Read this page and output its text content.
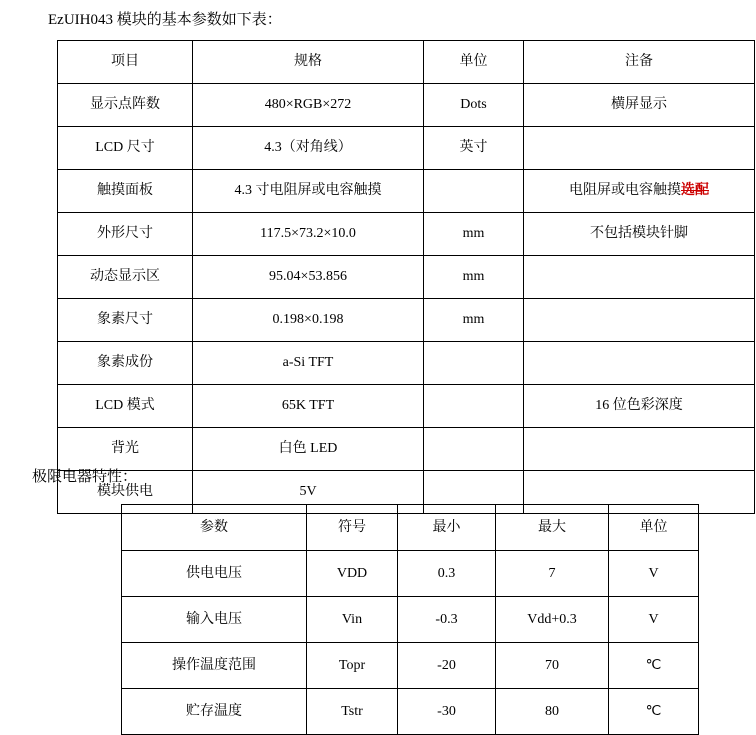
EzUIH043 模块的基本参数如下表：
项目	规格	单位	注备
显示点阵数	480×RGB×272	Dots	横屏显示
LCD 尺寸	4.3（对角线）	英寸	
触摸面板	4.3 寸电阻屏或电容触摸		电阻屏或电容触摸选配
外形尺寸	117.5×73.2×10.0	mm	不包括模块针脚
动态显示区	95.04×53.856	mm	
象素尺寸	0.198×0.198	mm	
象素成份	a-Si TFT		
LCD 模式	65K TFT		16 位色彩深度
背光	白色 LED		
模块供电	5V		
极限电器特性：
参数	符号	最小	最大	单位
供电电压	VDD	0.3	7	V
输入电压	Vin	-0.3	Vdd+0.3	V
操作温度范围	Topr	-20	70	℃
贮存温度	Tstr	-30	80	℃
